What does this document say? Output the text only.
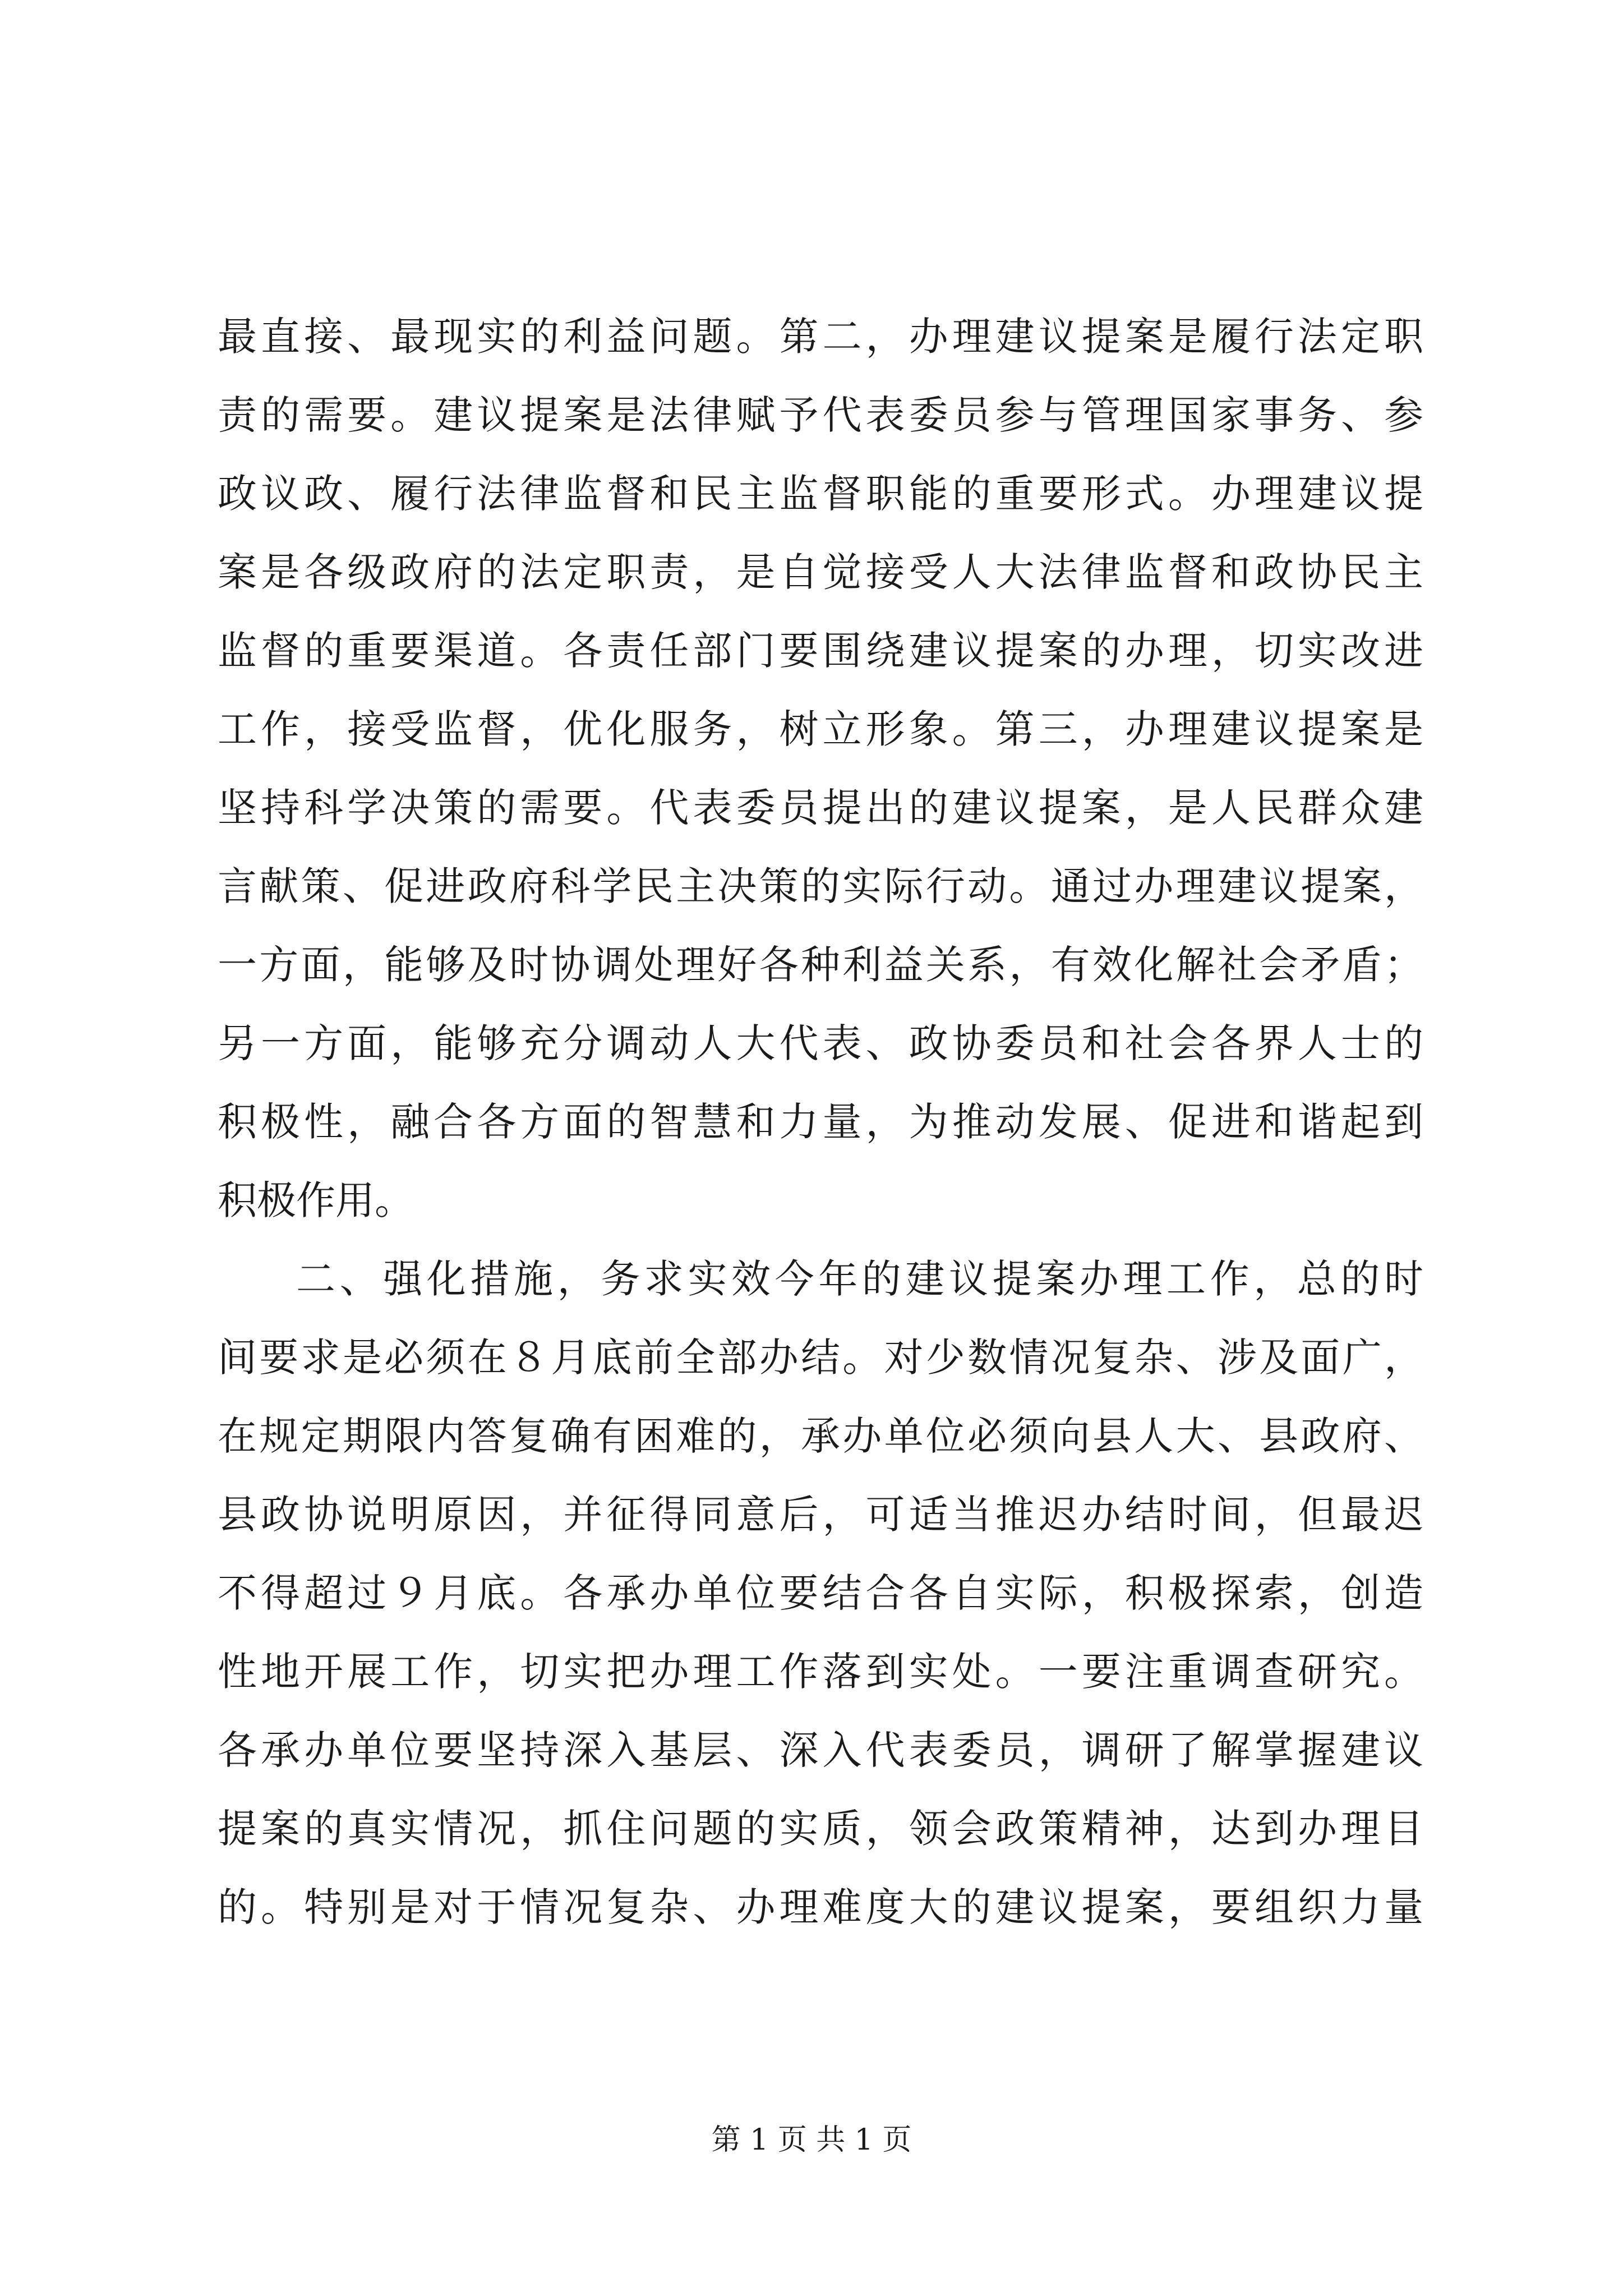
最直接、最现实的利益问题。第二，办理建议提案是履行法定职
责的需要。建议提案是法律赋予代表委员参与管理国家事务、参
政议政、履行法律监督和民主监督职能的重要形式。办理建议提
案是各级政府的法定职责，是自觉接受人大法律监督和政协民主
监督的重要渠道。各责任部门要围绕建议提案的办理，切实改进
工作，接受监督，优化服务，树立形象。第三，办理建议提案是
坚持科学决策的需要。代表委员提出的建议提案，是人民群众建
言献策、促进政府科学民主决策的实际行动。通过办理建议提案，
一方面，能够及时协调处理好各种利益关系，有效化解社会矛盾；
另一方面，能够充分调动人大代表、政协委员和社会各界人士的
积极性，融合各方面的智慧和力量，为推动发展、促进和谐起到
积极作用。
二、强化措施，务求实效今年的建议提案办理工作，总的时
间要求是必须在８月底前全部办结。对少数情况复杂、涉及面广，
在规定期限内答复确有困难的，承办单位必须向县人大、县政府、
县政协说明原因，并征得同意后，可适当推迟办结时间，但最迟
不得超过９月底。各承办单位要结合各自实际，积极探索，创造
性地开展工作，切实把办理工作落到实处。一要注重调查研究。
各承办单位要坚持深入基层、深入代表委员，调研了解掌握建议
提案的真实情况，抓住问题的实质，领会政策精神，达到办理目
的。特别是对于情况复杂、办理难度大的建议提案，要组织力量
第 1 页 共 1 页
